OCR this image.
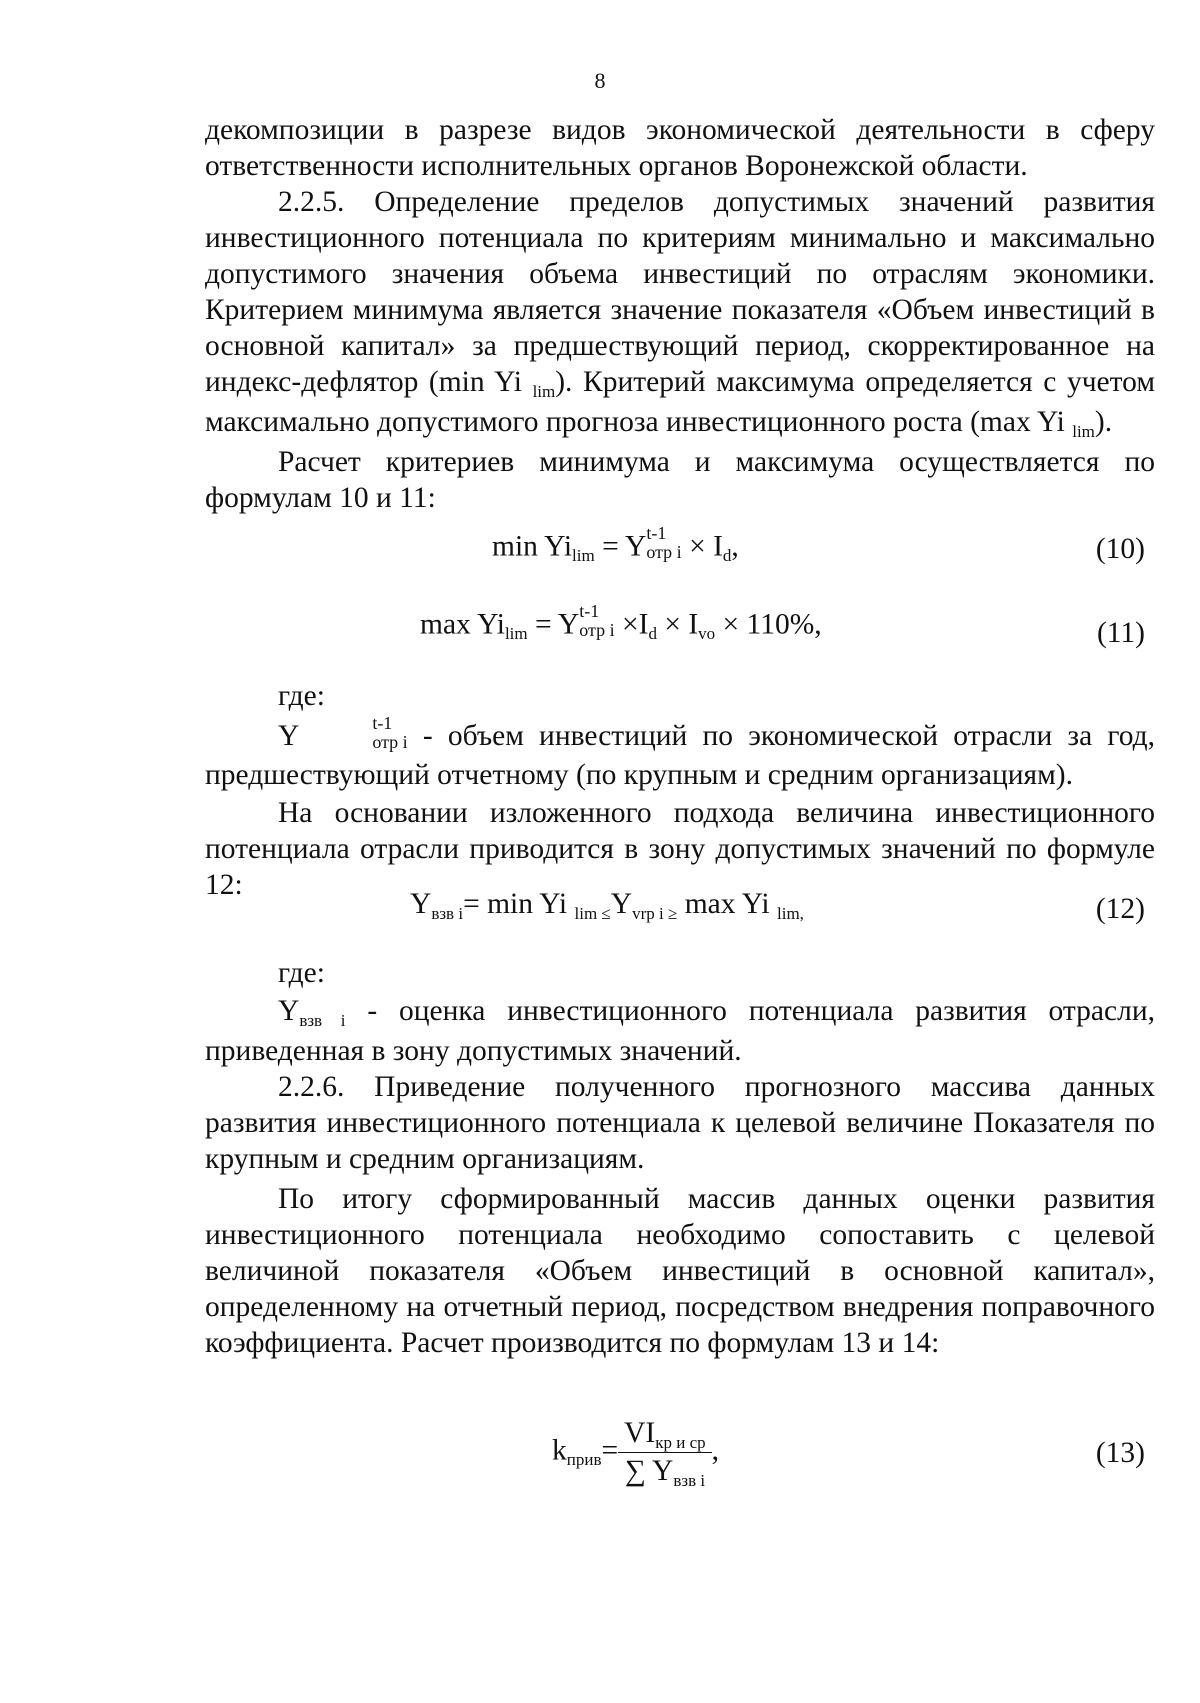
8

декомпозиции в разрезе видов экономической деятельности в сферу ответственности исполнительных органов Воронежской области.

2.2.5. Определение пределов допустимых значений развития инвестиционного потенциала по критериям минимально и максимально допустимого значения объема инвестиций по отраслям экономики. Критерием минимума является значение показателя «Объем инвестиций в основной капитал» за предшествующий период, скорректированное на индекс-дефлятор (min Yi $_{lim}$). Критерий максимума определяется с учетом максимально допустимого прогноза инвестиционного роста (max Yi $_{lim}$).

Расчет критериев минимума и максимума осуществляется по формулам 10 и 11:

$\min Yi_{lim} = Y$ t-1
отр $i \times I_d$,	(10)
$\max Yi_{lim} = Y$ t-1
отр $i \times I_d \times I_{vo} \times 110\%$,	(11)
где:

Y	t-1
отр i - объем инвестиций по экономической отрасли за год, предшествующий отчетному (по крупным и средним организациям).

На основании изложенного подхода величина инвестиционного потенциала отрасли приводится в зону допустимых значений по формуле 12:

$Y_{взв i}= \min Yi$ $_{lim}$ $_\le Y_{vrp i}$ $_\ge$ max Yi $_{lim,}$	(12)
где:

$Y_{взв i}$ - оценка инвестиционного потенциала развития отрасли, приведенная в зону допустимых значений.

2.2.6. Приведение полученного прогнозного массива данных развития инвестиционного потенциала к целевой величине Показателя по крупным и средним организациям.

По итогу сформированный массив данных оценки развития инвестиционного потенциала необходимо сопоставить с целевой величиной показателя «Объем инвестиций в основной капитал», определенному на отчетный период, посредством внедрения поправочного коэффициента. Расчет производится по формулам 13 и 14:

$k_{прив}= \frac{VI_{кр и ср}}{\sum Y_{взв i}}$ ,	(13)
